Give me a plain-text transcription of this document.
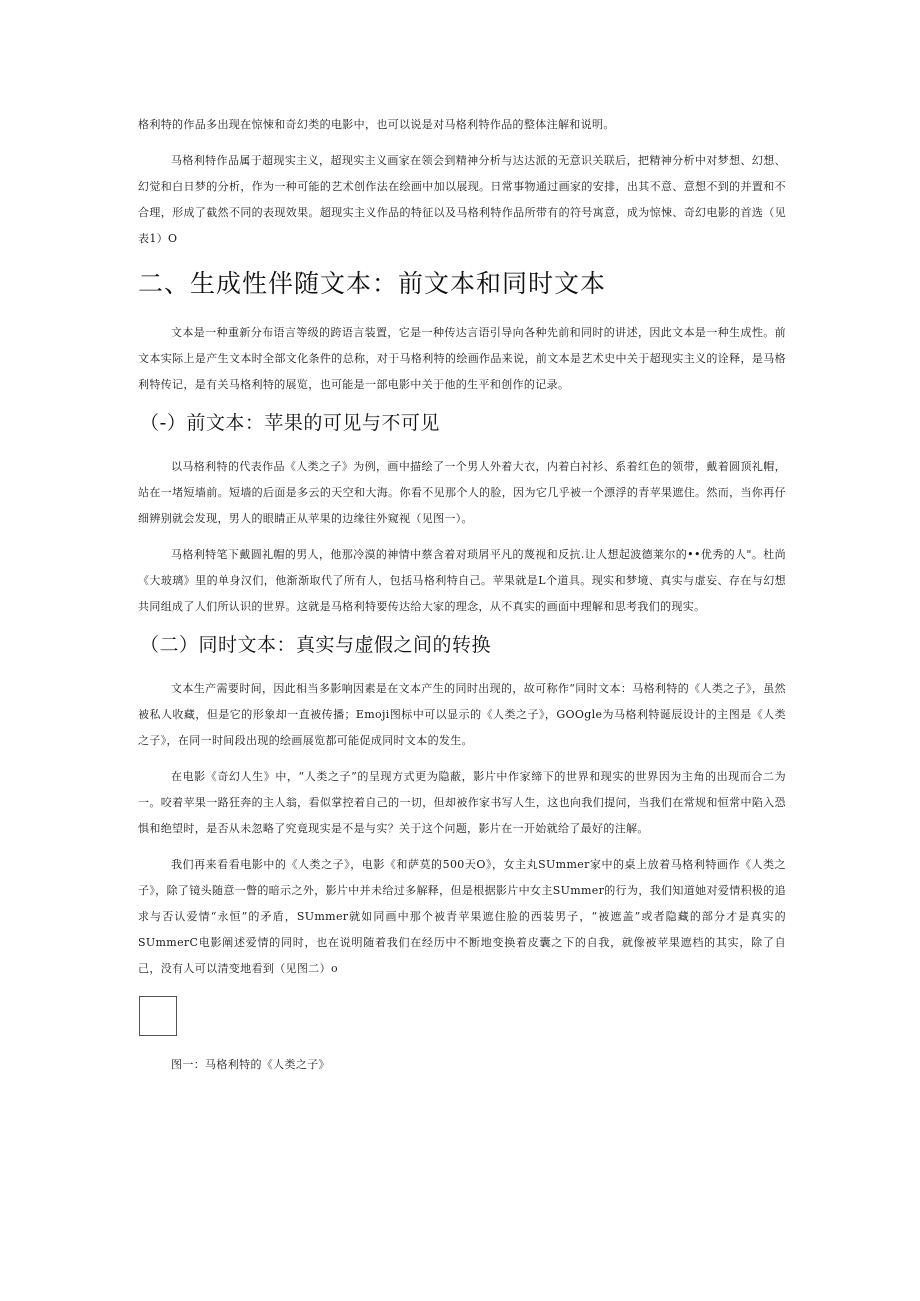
格利特的作品多出现在惊悚和奇幻类的电影中，也可以说是对马格利特作品的整体注解和说明。

马格利特作品属于超现实主义，超现实主义画家在领会到精神分析与达达派的无意识关联后，把精神分析中对梦想、幻想、幻觉和白日梦的分析，作为一种可能的艺术创作法在绘画中加以展现。日常事物通过画家的安排，出其不意、意想不到的并置和不合理，形成了截然不同的表现效果。超现实主义作品的特征以及马格利特作品所带有的符号寓意，成为惊悚、奇幻电影的首选（见表1）O

二、生成性伴随文本：前文本和同时文本

文本是一种重新分布语言等级的跨语言装置，它是一种传达言语引导向各种先前和同时的讲述，因此文本是一种生成性。前文本实际上是产生文本时全部文化条件的总称，对于马格利特的绘画作品来说，前文本是艺术史中关于超现实主义的诠释，是马格利特传记，是有关马格利特的展览，也可能是一部电影中关于他的生平和创作的记录。

（-）前文本：苹果的可见与不可见

以马格利特的代表作品《人类之子》为例，画中描绘了一个男人外着大衣，内着白衬衫、系着红色的领带，戴着圆顶礼帽，站在一堵短墙前。短墙的后面是多云的天空和大海。你看不见那个人的脸，因为它几乎被一个漂浮的青苹果遮住。然而，当你再仔细辨别就会发现，男人的眼睛正从苹果的边缘往外窥视（见图一）。

马格利特笔下戴圆礼帽的男人，他那冷漠的神情中蔡含着对琐屑平凡的蔑视和反抗.让人想起波德莱尔的••优秀的人"。杜尚《大玻璃》里的单身汉们，他渐渐取代了所有人，包括马格利特自己。苹果就是L个道具。现实和梦境、真实与虚妄、存在与幻想共同组成了人们所认识的世界。这就是马格利特要传达给大家的理念，从不真实的画面中理解和思考我们的现实。

（二）同时文本：真实与虚假之间的转换

文本生产需要时间，因此相当多影响因素是在文本产生的同时出现的，故可称作“同时文本：马格利特的《人类之子》，虽然被私人收藏，但是它的形象却一直被传播；Emoji图标中可以显示的《人类之子》，GOOgle为马格利特诞辰设计的主图是《人类之子》，在同一时间段出现的绘画展览都可能促成同时文本的发生。

在电影《奇幻人生》中，“人类之子”的呈现方式更为隐蔽，影片中作家缔下的世界和现实的世界因为主角的出现而合二为一。咬着苹果一路狂奔的主人翁，看似掌控着自己的一切，但却被作家书写人生，这也向我们提问，当我们在常规和恒常中陷入恐惧和绝望时，是否从未忽略了究竟现实是不是与实？关于这个问题，影片在一开始就给了最好的注解。

我们再来看看电影中的《人类之子》，电影《和萨莫的500天O》，女主丸SUmmer家中的桌上放着马格利特画作《人类之子》，除了镜头随意一瞥的暗示之外，影片中并未给过多解释，但是根据影片中女主SUmmer的行为，我们知道她对爱情积极的追求与否认爱情“永恒”的矛盾，SUmmer就如同画中那个被青苹果遮住脸的西装男子，“被遮盖”或者隐藏的部分才是真实的SUmmerC电影阐述爱情的同时，也在说明随着我们在经历中不断地变换着皮囊之下的自我，就像被苹果遮档的其实，除了自己，没有人可以清变地看到（见图二）o

图一：马格利特的《人类之子》
